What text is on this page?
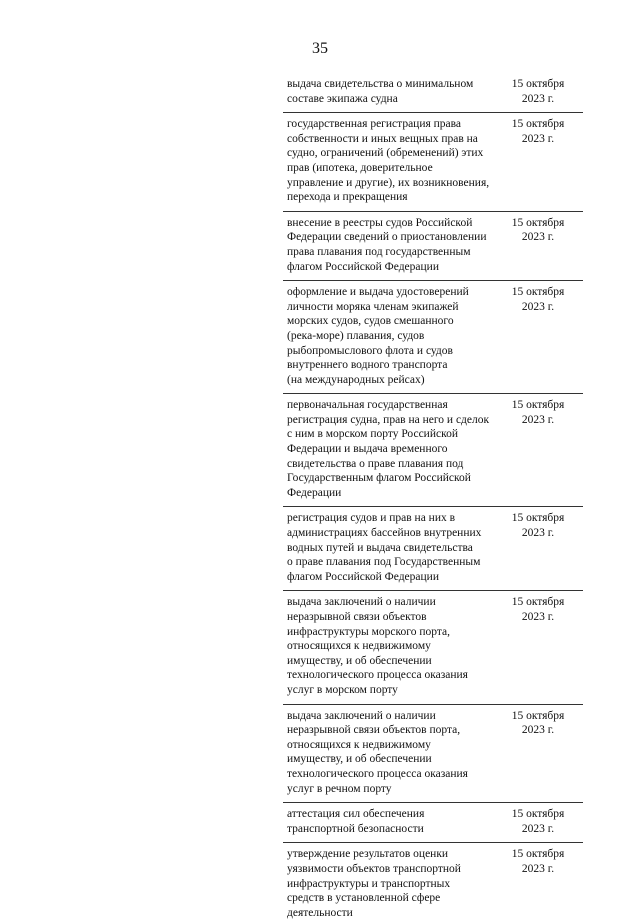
35
выдача свидетельства о минимальном
составе экипажа судна
15 октября
2023 г.
государственная регистрация права
собственности и иных вещных прав на
судно, ограничений (обременений) этих
прав (ипотека, доверительное
управление и другие), их возникновения,
перехода и прекращения
15 октября
2023 г.
внесение в реестры судов Российской
Федерации сведений о приостановлении
права плавания под государственным
флагом Российской Федерации
15 октября
2023 г.
оформление и выдача удостоверений
личности моряка членам экипажей
морских судов, судов смешанного
(река-море) плавания, судов
рыбопромыслового флота и судов
внутреннего водного транспорта
(на международных рейсах)
15 октября
2023 г.
первоначальная государственная
регистрация судна, прав на него и сделок
с ним в морском порту Российской
Федерации и выдача временного
свидетельства о праве плавания под
Государственным флагом Российской
Федерации
15 октября
2023 г.
регистрация судов и прав на них в
администрациях бассейнов внутренних
водных путей и выдача свидетельства
о праве плавания под Государственным
флагом Российской Федерации
15 октября
2023 г.
выдача заключений о наличии
неразрывной связи объектов
инфраструктуры морского порта,
относящихся к недвижимому
имуществу, и об обеспечении
технологического процесса оказания
услуг в морском порту
15 октября
2023 г.
выдача заключений о наличии
неразрывной связи объектов порта,
относящихся к недвижимому
имуществу, и об обеспечении
технологического процесса оказания
услуг в речном порту
15 октября
2023 г.
аттестация сил обеспечения
транспортной безопасности
15 октября
2023 г.
утверждение результатов оценки
уязвимости объектов транспортной
инфраструктуры и транспортных
средств в установленной сфере
деятельности
15 октября
2023 г.
